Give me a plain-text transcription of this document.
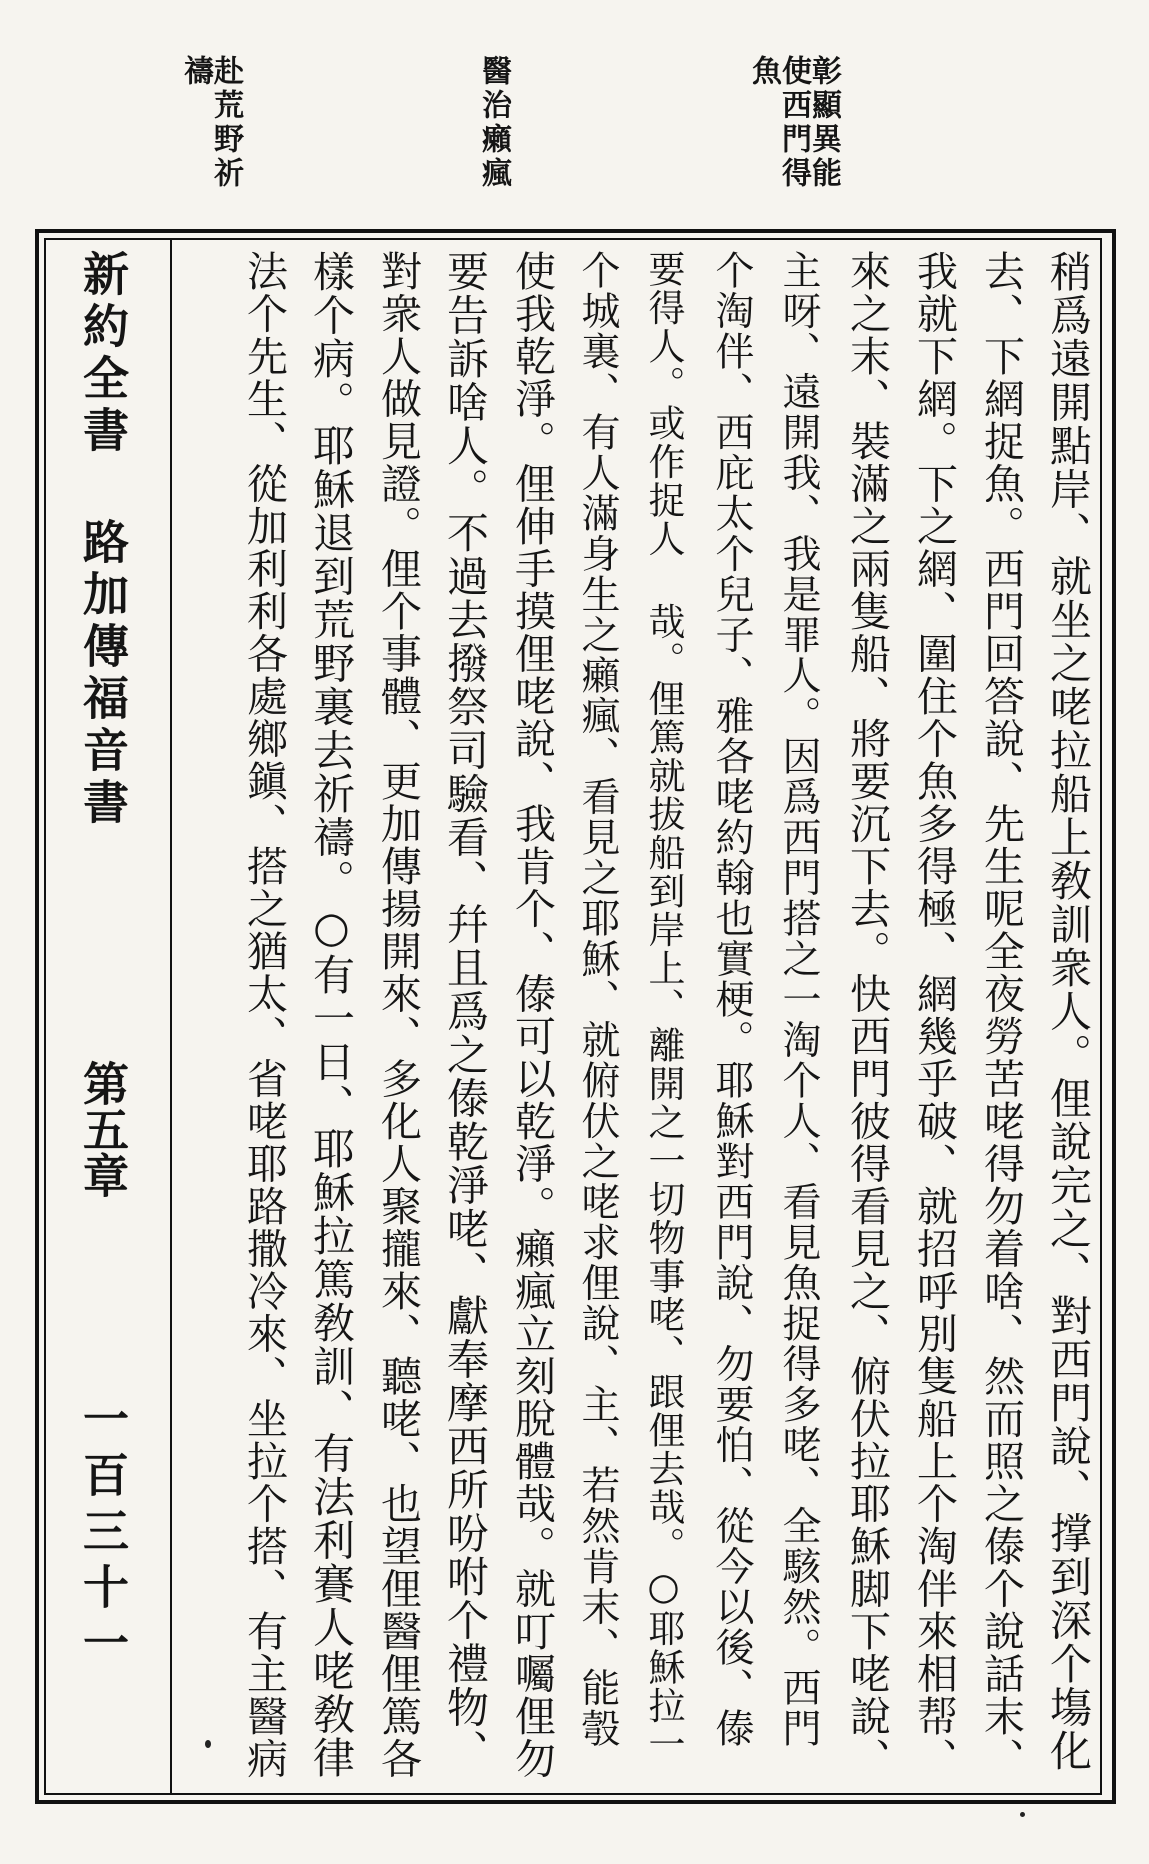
彰顯異能使西門得魚
醫治癩瘋
赴荒野祈禱
稍爲遠開點岸、就坐之咾拉船上敎訓衆人。俚說完之、對西門說、撑到深个塲化
去、下網捉魚。西門回答說、先生呢全夜勞苦咾得勿着啥、然而照之傣个說話末、
我就下網。下之網、圍住个魚多得極、網幾乎破、就招呼別隻船上个淘伴來相帮、
來之末、裝滿之兩隻船、將要沉下去。快西門彼得看見之、俯伏拉耶穌脚下咾說、
主呀、遠開我、我是罪人。因爲西門搭之一淘个人、看見魚捉得多咾、全駭然。西門
个淘伴、西庇太个兒子、雅各咾約翰也實梗。耶穌對西門說、勿要怕、從今以後、傣
要得人。或作捉人 哉。俚篤就拔船到岸上、離開之一切物事咾、跟俚去哉。○耶穌拉一
个城裏、有人滿身生之癩瘋、看見之耶穌、就俯伏之咾求俚說、主、若然肯末、能彀
使我乾淨。俚伸手摸俚咾說、我肯个、傣可以乾淨。癩瘋立刻脫體哉。就叮囑俚勿
要告訴啥人。不過去撥祭司驗看、幷且爲之傣乾淨咾、獻奉摩西所吩咐个禮物、
對衆人做見證。俚个事體、更加傳揚開來、多化人聚攏來、聽咾、也望俚醫俚篤各
樣个病。耶穌退到荒野裏去祈禱。○有一日、耶穌拉篤敎訓、有法利賽人咾敎律
法个先生、從加利利各處鄉鎭、搭之猶太、省咾耶路撒冷來、坐拉个搭、有主醫病
新約全書 路加傳福音書
第五章
一百三十一
